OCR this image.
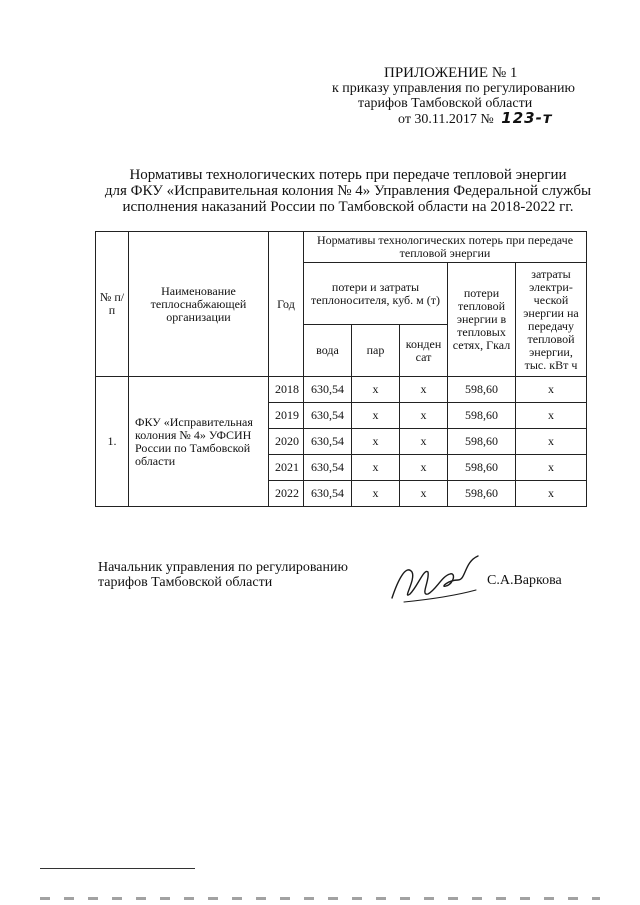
ПРИЛОЖЕНИЕ № 1
к приказу управления по регулированию
тарифов Тамбовской области
от 30.11.2017 № 123-т
Нормативы технологических потерь при передаче тепловой энергии
для ФКУ «Исправительная колония № 4» Управления Федеральной службы
исполнения наказаний России по Тамбовской области на 2018-2022 гг.
№ п/п	Наименование теплоснабжающей организации	Год	Нормативы технологических потерь при передаче тепловой энергии				
			потери и затраты теплоносителя, куб. м (т)			потери тепловой энергии в тепловых сетях, Гкал	затраты электри-ческой энергии на передачу тепловой энергии, тыс. кВт ч
			вода	пар	конден сат		
1.	ФКУ «Исправительная колония № 4» УФСИН России по Тамбовской области	2018	630,54	х	х	598,60	х
		2019	630,54	х	х	598,60	х
		2020	630,54	х	х	598,60	х
		2021	630,54	х	х	598,60	х
		2022	630,54	х	х	598,60	х
Начальник управления по регулированию
тарифов Тамбовской области	С.А.Варкова
